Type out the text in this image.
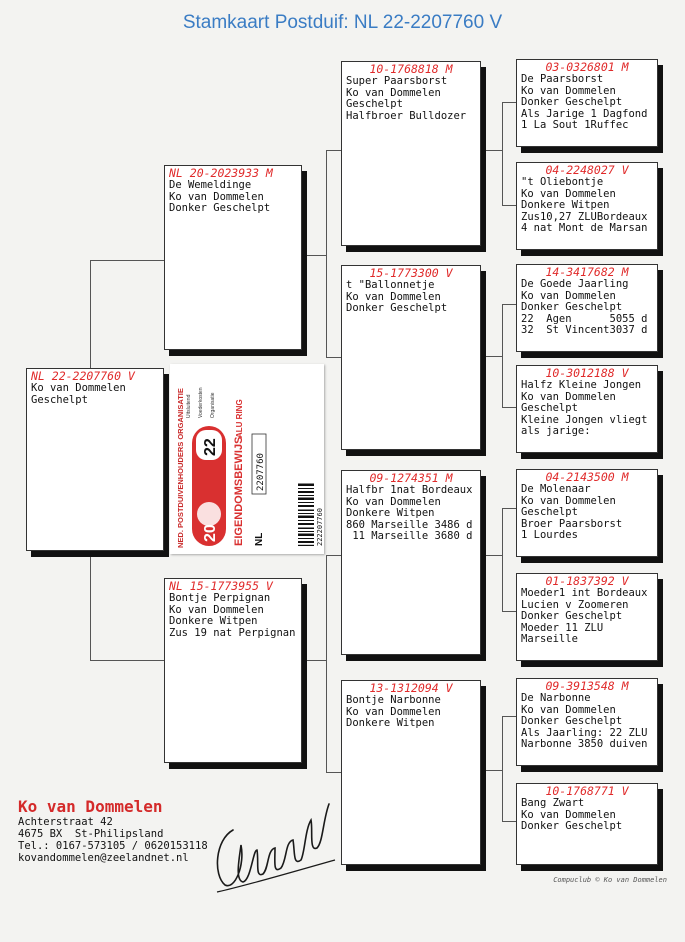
Stamkaart Postduif: NL 22-2207760 V
NL 22-2207760 V
Ko van Dommelen
Geschelpt
NL 20-2023933 M
De Wemeldinge
Ko van Dommelen
Donker Geschelpt
NL 15-1773955 V
Bontje Perpignan
Ko van Dommelen
Donkere Witpen
Zus 19 nat Perpignan
10-1768818 M
Super Paarsborst
Ko van Dommelen
Geschelpt
Halfbroer Bulldozer
15-1773300 V
t "Ballonnetje
Ko van Dommelen
Donker Geschelpt
09-1274351 M
Halfbr 1nat Bordeaux
Ko van Dommelen
Donkere Witpen
860 Marseille 3486 d
11 Marseille 3680 d
13-1312094 V
Bontje Narbonne
Ko van Dommelen
Donkere Witpen
03-0326801 M
De Paarsborst
Ko van Dommelen
Donker Geschelpt
Als Jarige 1 Dagfond
1 La Sout 1Ruffec
04-2248027 V
"t Oliebontje
Ko van Dommelen
Donkere Witpen
Zus10,27 ZLUBordeaux
4 nat Mont de Marsan
14-3417682 M
De Goede Jaarling
Ko van Dommelen
Donker Geschelpt
22  Agen      5055 d
32  St Vincent3037 d
10-3012188 V
Halfz Kleine Jongen
Ko van Dommelen
Geschelpt
Kleine Jongen vliegt
als jarige:
04-2143500 M
De Molenaar
Ko van Dommelen
Geschelpt
Broer Paarsborst
1 Lourdes
01-1837392 V
Moeder1 int Bordeaux
Lucien v Zoomeren
Donker Geschelpt
Moeder 11 ZLU
Marseille
09-3913548 M
De Narbonne
Ko van Dommelen
Donker Geschelpt
Als Jaarling: 22 ZLU
Narbonne 3850 duiven
10-1768771 V
Bang Zwart
Ko van Dommelen
Donker Geschelpt
NED. POSTDUIVENHOUDERS ORGANISATIE 20
22 EIGENDOMSBEWIJS
ALU RING
NL
2207760
Uitsluitend Voederkosten Organisatie
222207760
Ko van Dommelen
Achterstraat 42
4675 BX  St-Philipsland
Tel.: 0167-573105 / 0620153118
kovandommelen@zeelandnet.nl
Compuclub © Ko van Dommelen
